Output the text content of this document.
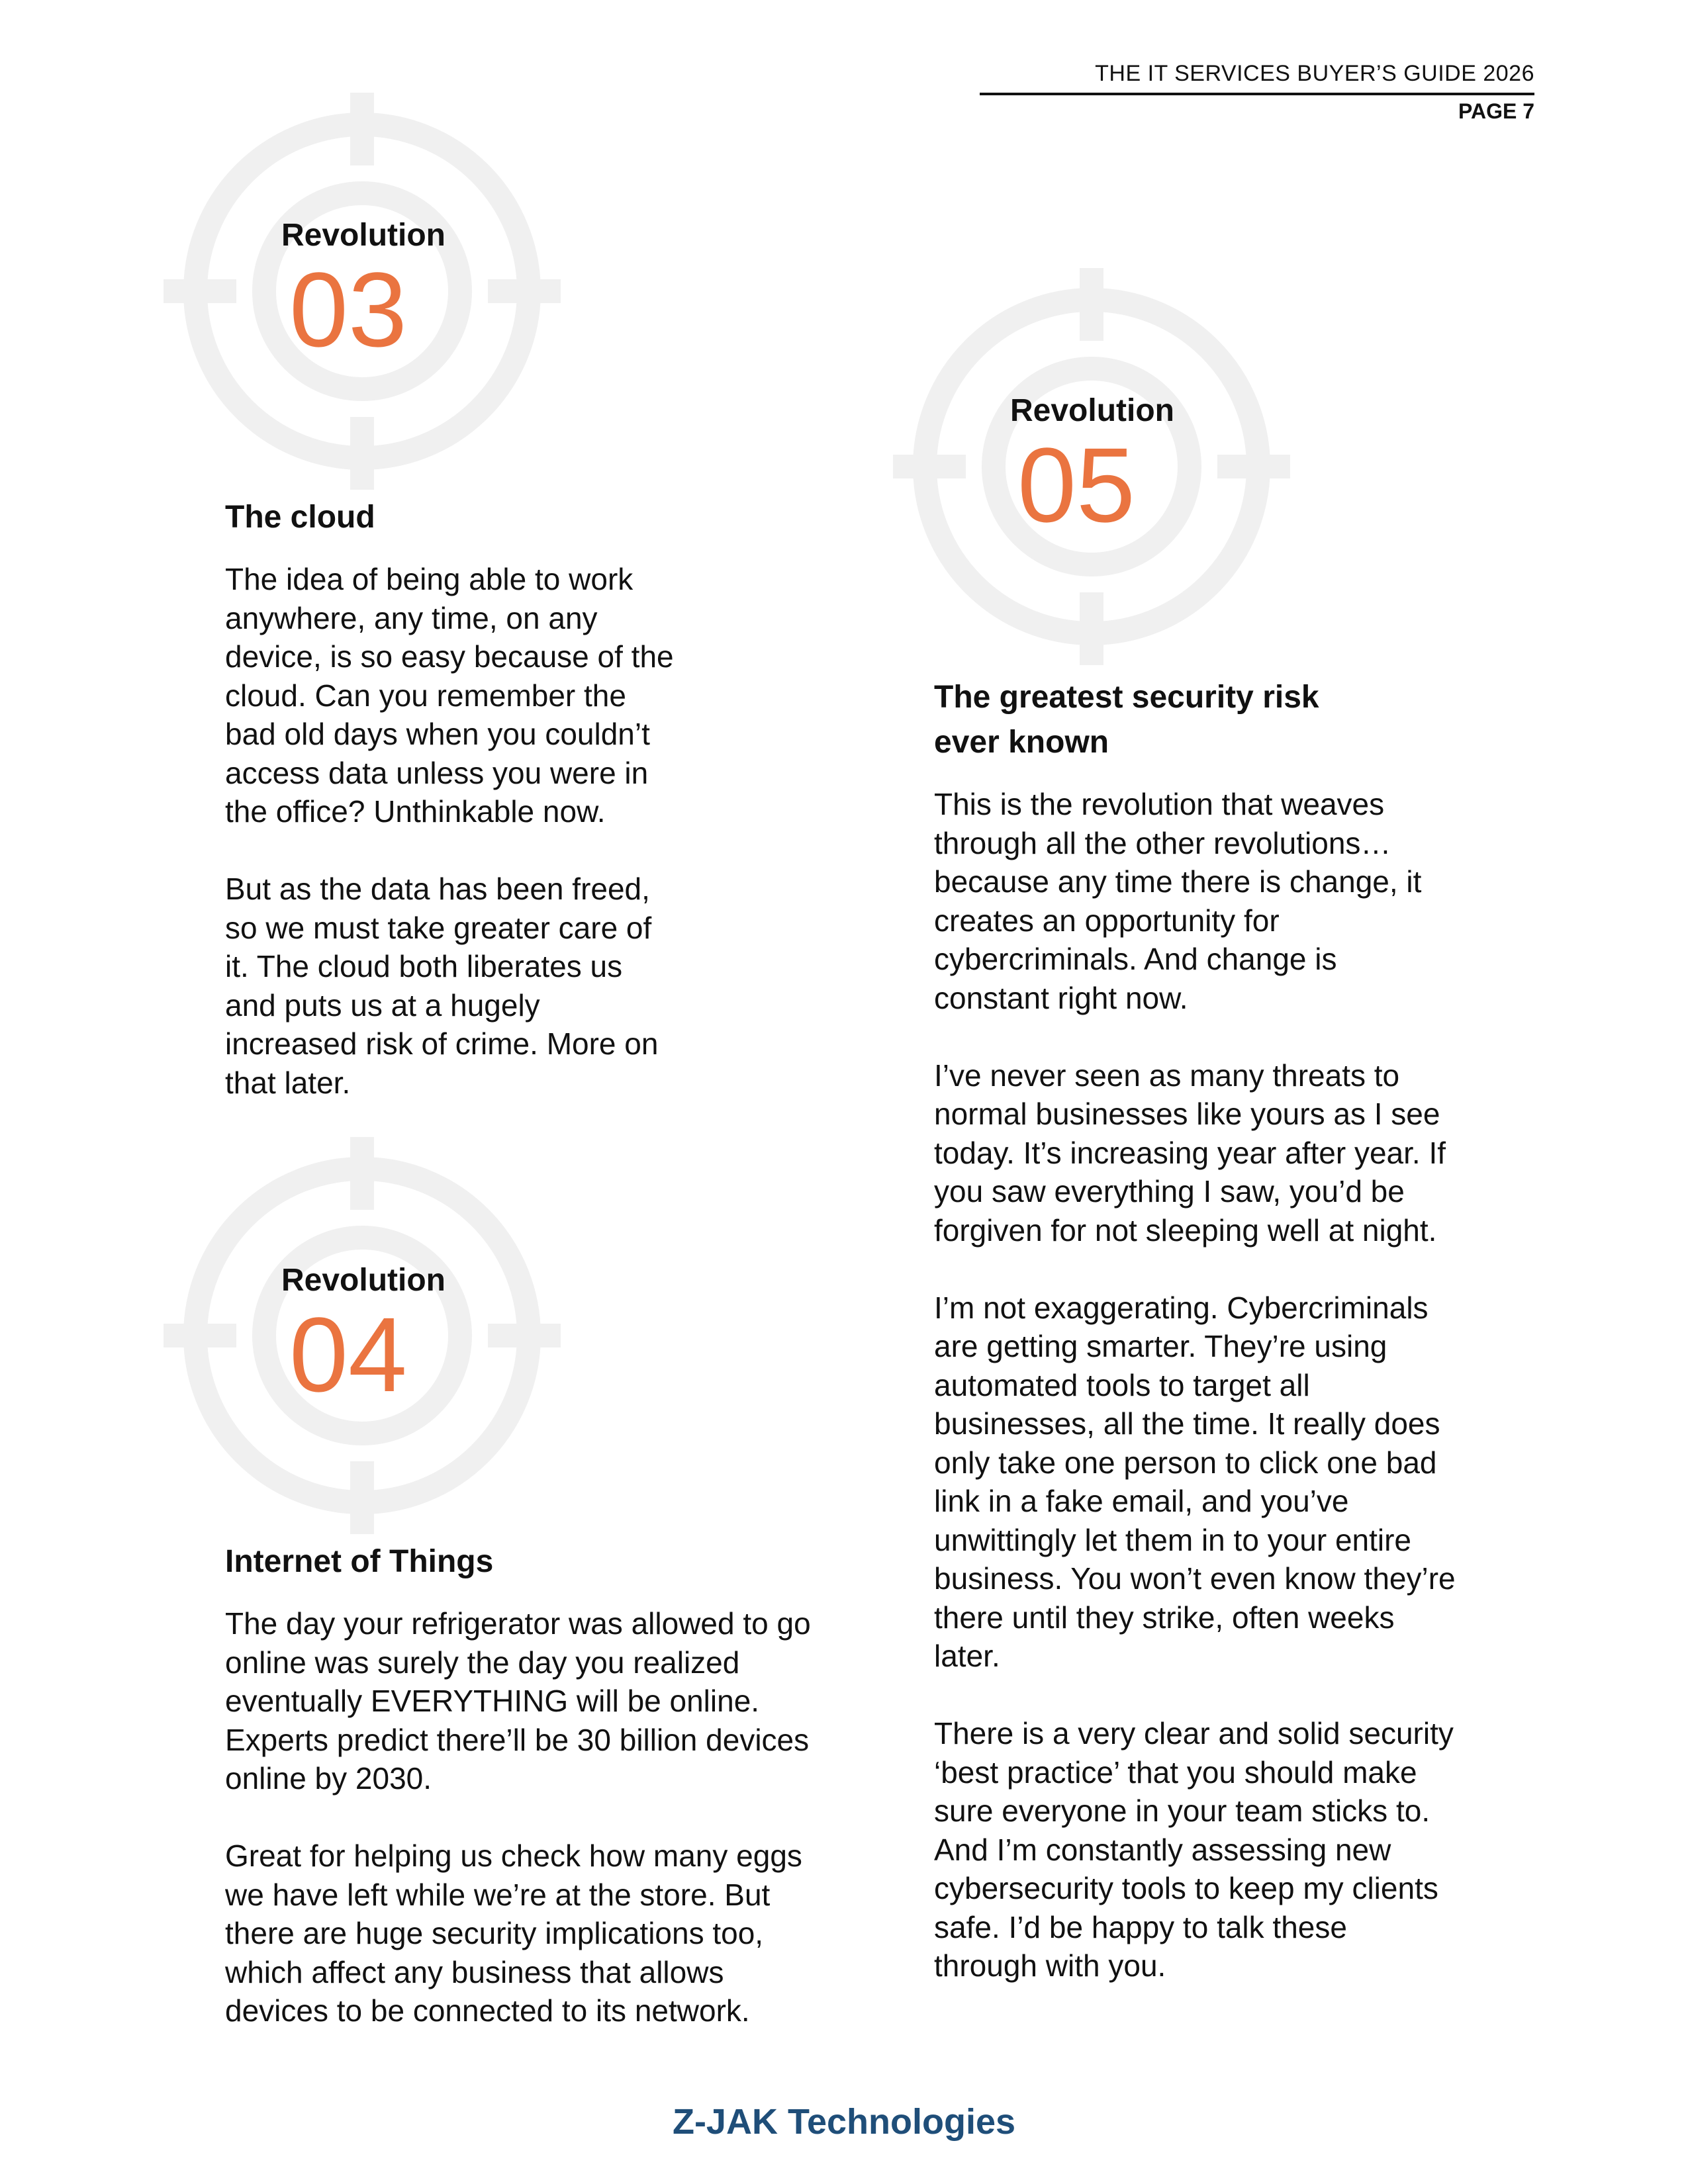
THE IT SERVICES BUYER’S GUIDE 2026
PAGE 7
Revolution
03
The cloud

The idea of being able to work
anywhere, any time, on any
device, is so easy because of the
cloud. Can you remember the
bad old days when you couldn’t
access data unless you were in
the office? Unthinkable now.

But as the data has been freed,
so we must take greater care of
it. The cloud both liberates us
and puts us at a hugely
increased risk of crime. More on
that later.

Revolution
04
Internet of Things

The day your refrigerator was allowed to go
online was surely the day you realized
eventually EVERYTHING will be online.
Experts predict there’ll be 30 billion devices
online by 2030.

Great for helping us check how many eggs
we have left while we’re at the store. But
there are huge security implications too,
which affect any business that allows
devices to be connected to its network.

Revolution
05
The greatest security risk
ever known

This is the revolution that weaves
through all the other revolutions…
because any time there is change, it
creates an opportunity for
cybercriminals. And change is
constant right now.

I’ve never seen as many threats to
normal businesses like yours as I see
today. It’s increasing year after year. If
you saw everything I saw, you’d be
forgiven for not sleeping well at night.

I’m not exaggerating. Cybercriminals
are getting smarter. They’re using
automated tools to target all
businesses, all the time. It really does
only take one person to click one bad
link in a fake email, and you’ve
unwittingly let them in to your entire
business. You won’t even know they’re
there until they strike, often weeks
later.

There is a very clear and solid security
‘best practice’ that you should make
sure everyone in your team sticks to.
And I’m constantly assessing new
cybersecurity tools to keep my clients
safe. I’d be happy to talk these
through with you.

Z-JAK Technologies
